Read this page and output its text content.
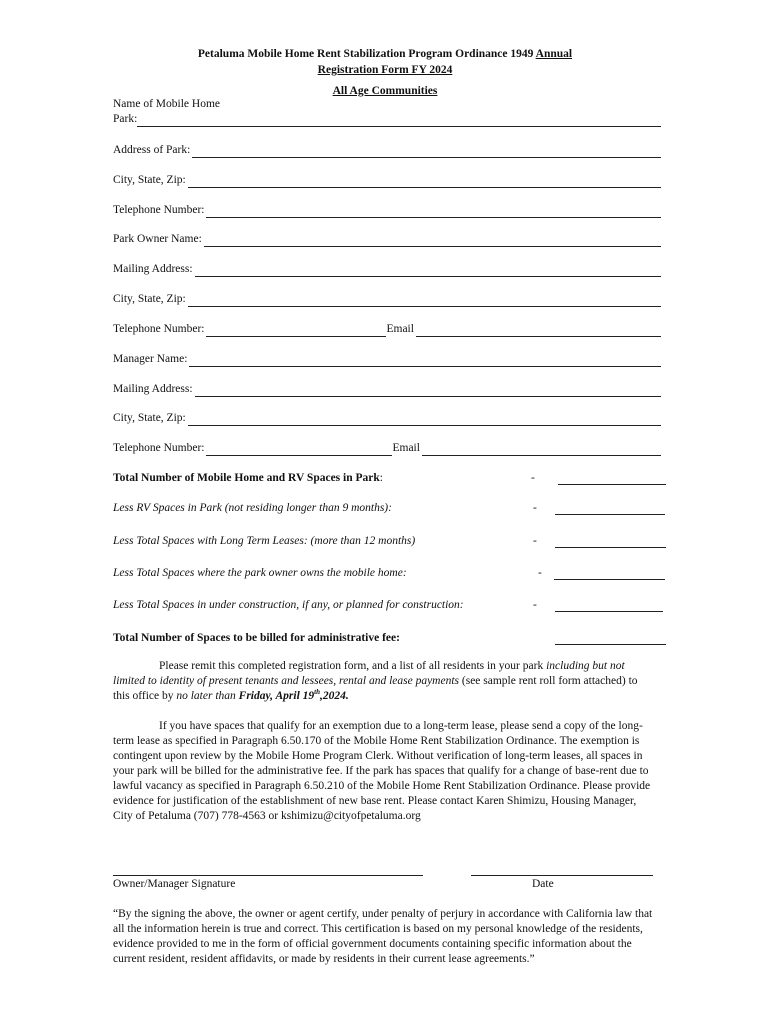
Petaluma Mobile Home Rent Stabilization Program Ordinance 1949 Annual
Registration Form FY 2024
All Age Communities
Name of Mobile Home
Park:
Address of Park:
City, State, Zip:
Telephone Number:
Park Owner Name:
Mailing Address:
City, State, Zip:
Telephone Number:	Email
Manager Name:
Mailing Address:
City, State, Zip:
Telephone Number:	Email
Total Number of Mobile Home and RV Spaces in Park:	-
Less RV Spaces in Park (not residing longer than 9 months):	-
Less Total Spaces with Long Term Leases: (more than 12 months)	-
Less Total Spaces where the park owner owns the mobile home:	-
Less Total Spaces in under construction, if any, or planned for construction:	-
Total Number of Spaces to be billed for administrative fee:
Please remit this completed registration form, and a list of all residents in your park including but not limited to identity of present tenants and lessees, rental and lease payments (see sample rent roll form attached) to this office by no later than Friday, April 19th,2024.
If you have spaces that qualify for an exemption due to a long-term lease, please send a copy of the long-term lease as specified in Paragraph 6.50.170 of the Mobile Home Rent Stabilization Ordinance. The exemption is contingent upon review by the Mobile Home Program Clerk. Without verification of long-term leases, all spaces in your park will be billed for the administrative fee. If the park has spaces that qualify for a change of base-rent due to lawful vacancy as specified in Paragraph 6.50.210 of the Mobile Home Rent Stabilization Ordinance. Please provide evidence for justification of the establishment of new base rent. Please contact Karen Shimizu, Housing Manager, City of Petaluma (707) 778-4563 or kshimizu@cityofpetaluma.org
Owner/Manager Signature	Date
“By the signing the above, the owner or agent certify, under penalty of perjury in accordance with California law that all the information herein is true and correct. This certification is based on my personal knowledge of the residents, evidence provided to me in the form of official government documents containing specific information about the current resident, resident affidavits, or made by residents in their current lease agreements.”
